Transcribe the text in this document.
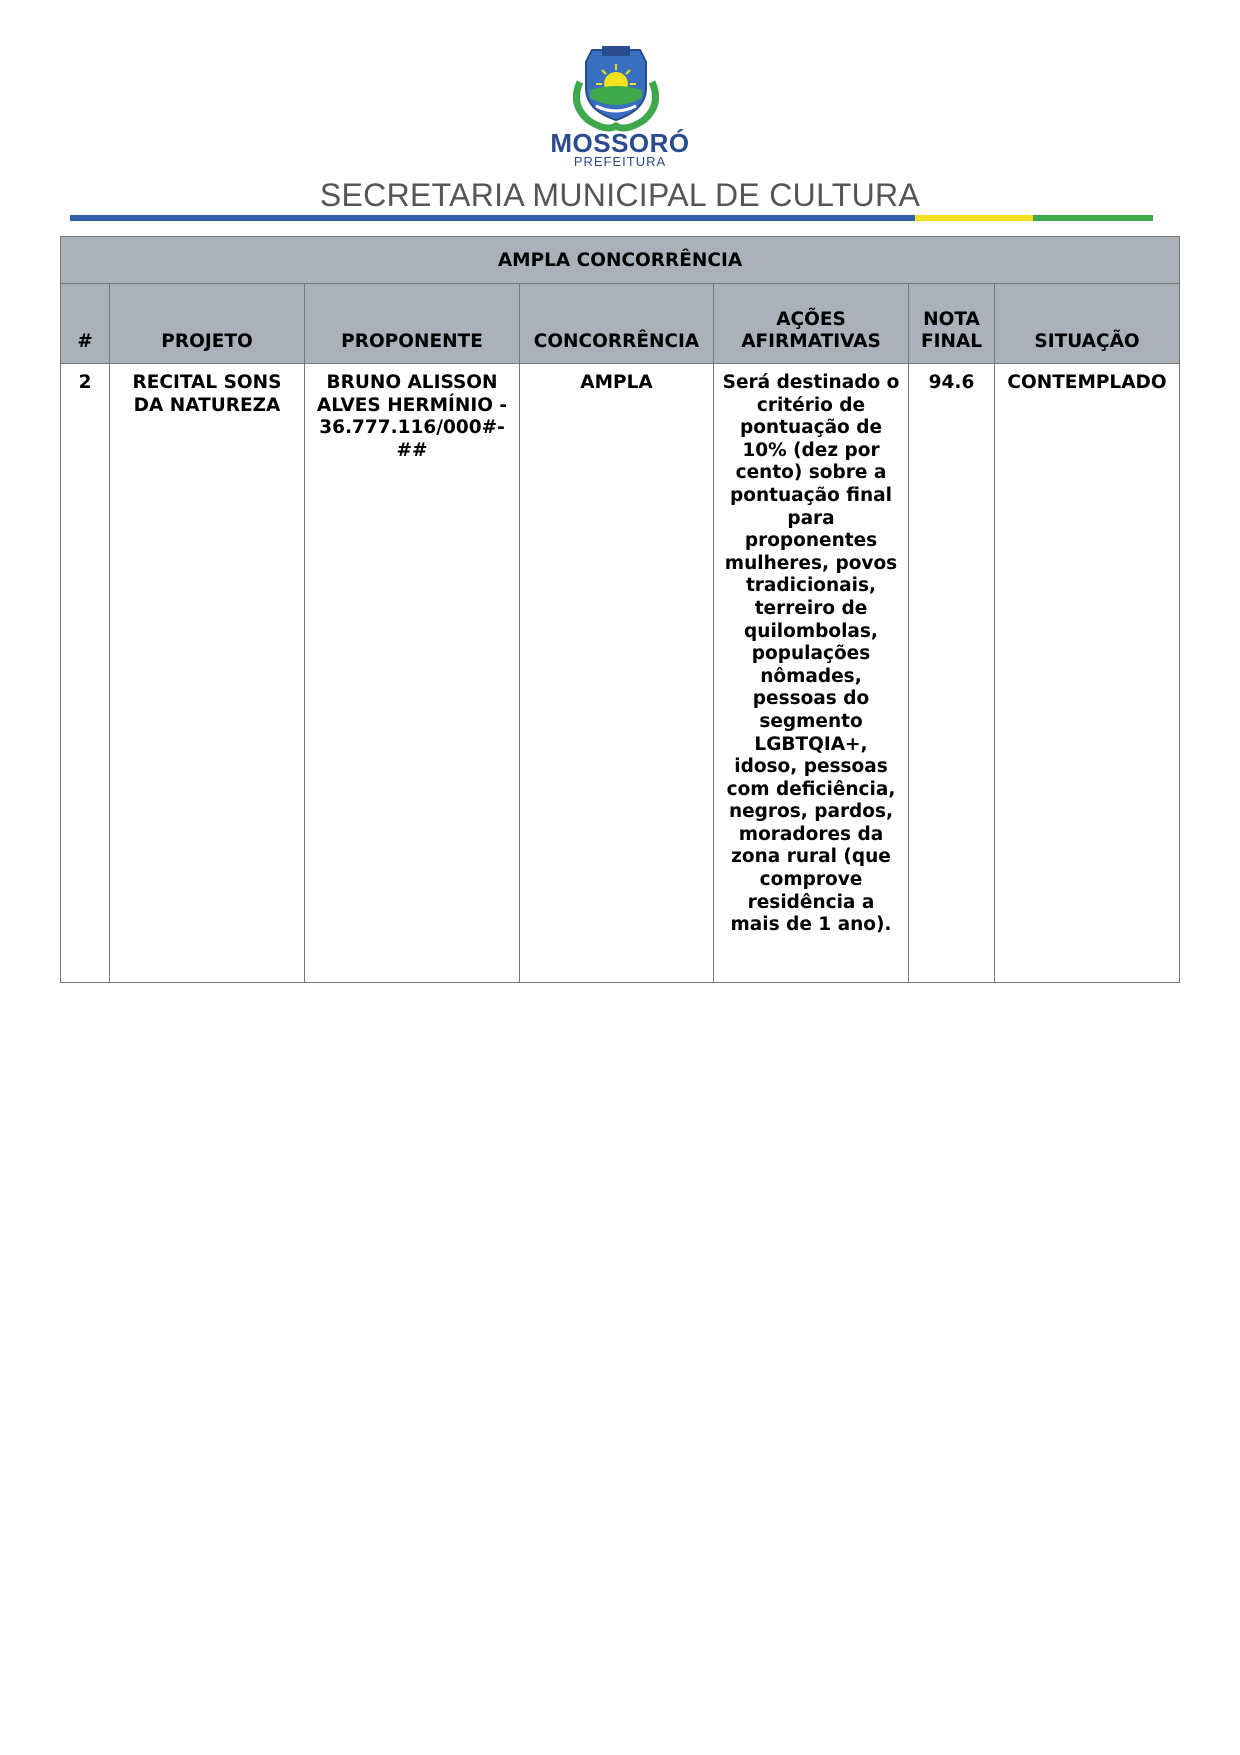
MOSSORÓ
PREFEITURA
SECRETARIA MUNICIPAL DE CULTURA
AMPLA CONCORRÊNCIA						
#	PROJETO	PROPONENTE	CONCORRÊNCIA	AÇÕES AFIRMATIVAS	NOTA FINAL	SITUAÇÃO
2	RECITAL SONS DA NATUREZA	BRUNO ALISSON ALVES HERMÍNIO - 36.777.116/000#-##	AMPLA	Será destinado o critério de pontuação de 10% (dez por cento) sobre a pontuação final para proponentes mulheres, povos tradicionais, terreiro de quilombolas, populações nômades, pessoas do segmento LGBTQIA+, idoso, pessoas com deficiência, negros, pardos, moradores da zona rural (que comprove residência a mais de 1 ano).	94.6	CONTEMPLADO
